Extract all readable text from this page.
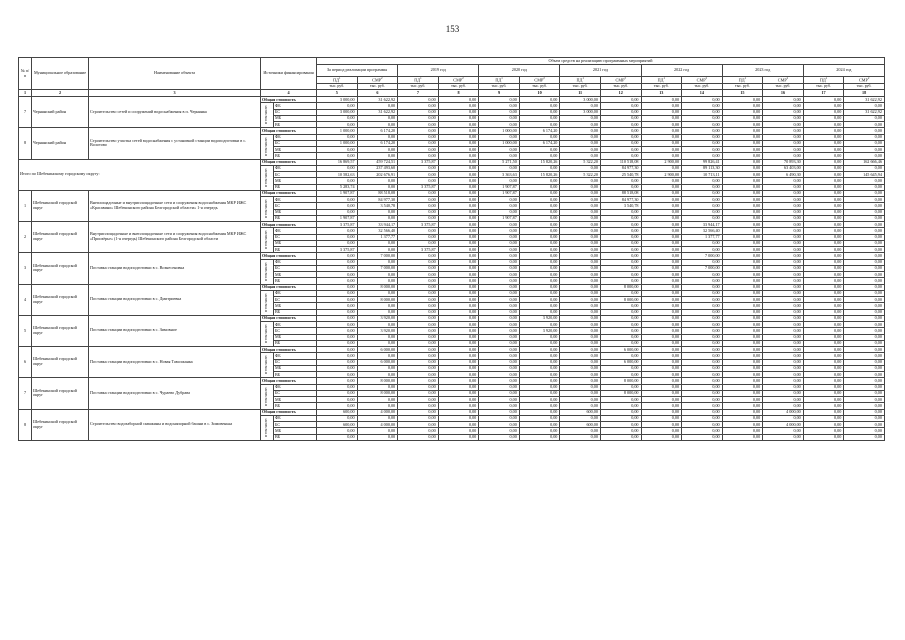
153
№ п/п	Муниципальное образование	Наименование объекта	Источники финансирования		Объем средств на реализацию программных мероприятий													
					За период реализации программы		2019 год		2020 год		2021 год		2022 год		2023 год		2024 год	
					$ПД^1$	СМР$^2$	$ПД^1$	СМР$^2$	$ПД^1$	СМР$^2$	$ПД^1$	СМР$^2$	$ПД^1$	СМР$^2$	$ПД^1$	СМР$^2$	$ПД^1$	СМР$^2$
					тыс. руб.	тыс. руб.	тыс. руб.	тыс. руб.	тыс. руб.	тыс. руб.	тыс. руб.	тыс. руб.	тыс. руб.	тыс. руб.	тыс. руб.	тыс. руб.	тыс. руб.	тыс. руб.
1	2	3	4		5	6	7	8	9	10	11	12	13	14	15	16	17	18
7	Чернянский район	Строительство сетей и сооружений водоснабжения в п. Чернянка	Общая стоимость		3 000,00	31 622,92	0,00	0,00	0,00	0,00	3 000,00	0,00	0,00	0,00	0,00	0,00	0,00	31 622,92
			в том числе:	ФБ	0,00	0,00	0,00	0,00	0,00	0,00	0,00	0,00	0,00	0,00	0,00	0,00	0,00	0,00
				БС	3 000,00	31 622,92	0,00	0,00	0,00	0,00	3 000,00	0,00	0,00	0,00	0,00	0,00	0,00	31 622,92
				МБ	0,00	0,00	0,00	0,00	0,00	0,00	0,00	0,00	0,00	0,00	0,00	0,00	0,00	0,00
				ВБ	0,00	0,00	0,00	0,00	0,00	0,00	0,00	0,00	0,00	0,00	0,00	0,00	0,00	0,00
8	Чернянский район	Строительство участка сетей водоснабжения с установкой станции водоподготовки в с. Волотово	Общая стоимость		1 000,00	6 174,20	0,00	0,00	1 000,00	6 174,20	0,00	0,00	0,00	0,00	0,00	0,00	0,00	0,00
			в том числе:	ФБ	0,00	0,00	0,00	0,00	0,00	0,00	0,00	0,00	0,00	0,00	0,00	0,00	0,00	0,00
				БС	1 000,00	6 174,20	0,00	0,00	1 000,00	6 174,20	0,00	0,00	0,00	0,00	0,00	0,00	0,00	0,00
				МБ	0,00	0,00	0,00	0,00	0,00	0,00	0,00	0,00	0,00	0,00	0,00	0,00	0,00	0,00
				ВБ	0,00	0,00	0,00	0,00	0,00	0,00	0,00	0,00	0,00	0,00	0,00	0,00	0,00	0,00
Итого по Шебекинскому городскому округу:			Общая стоимость		16 869,57	459 724,51	3 375,87	0,00	5 271,50	15 820,26	5 322,20	110 518,08	2 900,00	99 826,41	0,00	70 893,30	0,00	162 666,46
			в том числе:	ФБ	0,00	237 493,60	0,00	0,00	0,00	0,00	0,00	84 977,30	0,00	89 113,30	0,00	63 403,00	0,00	0,00
				БС	10 582,63	202 676,91	0,00	0,00	3 363,63	15 820,26	5 322,20	25 540,78	2 900,00	10 713,11	0,00	6 490,30	0,00	145 645,94
				МБ	0,00	0,00	0,00	0,00	0,00	0,00	0,00	0,00	0,00	0,00	0,00	0,00	0,00	0,00
				ВБ	5 283,74	0,00	3 375,87	0,00	1 907,87	0,00	0,00	0,00	0,00	0,00	0,00	0,00	0,00	0,00
1	Шебекинский городской округ	Внеплощадочные и внутриплощадочные сети и сооружения водоснабжения МКР ИЖС «Красавино» Шебекинского района Белгородской области» 1-я очередь	Общая стоимость		1 907,87	88 518,08	0,00	0,00	1 907,87	0,00	0,00	88 518,08	0,00	0,00	0,00	0,00	0,00	0,00
			в том числе:	ФБ	0,00	84 977,30	0,00	0,00	0,00	0,00	0,00	84 977,30	0,00	0,00	0,00	0,00	0,00	0,00
				БС	0,00	3 540,78	0,00	0,00	0,00	0,00	0,00	3 540,78	0,00	0,00	0,00	0,00	0,00	0,00
				МБ	0,00	0,00	0,00	0,00	0,00	0,00	0,00	0,00	0,00	0,00	0,00	0,00	0,00	0,00
				ВБ	1 907,87	0,00	0,00	0,00	1 907,87	0,00	0,00	0,00	0,00	0,00	0,00	0,00	0,00	0,00
2	Шебекинский городской округ	Внутриплощадочные и внеплощадочные сети и сооружения водоснабжения МКР ИЖС «Приозёрье» (1-я очередь) Шебекинского района Белгородской области	Общая стоимость		3 375,87	33 944,17	3 375,87	0,00	0,00	0,00	0,00	0,00	0,00	33 944,17	0,00	0,00	0,00	0,00
			в том числе:	ФБ	0,00	32 566,40	0,00	0,00	0,00	0,00	0,00	0,00	0,00	32 566,40	0,00	0,00	0,00	0,00
				БС	0,00	1 377,77	0,00	0,00	0,00	0,00	0,00	0,00	0,00	1 377,77	0,00	0,00	0,00	0,00
				МБ	0,00	0,00	0,00	0,00	0,00	0,00	0,00	0,00	0,00	0,00	0,00	0,00	0,00	0,00
				ВБ	3 375,87	0,00	3 375,87	0,00	0,00	0,00	0,00	0,00	0,00	0,00	0,00	0,00	0,00	0,00
3	Шебекинский городской округ	Поставка станции водоподготовки в с. Вознесеновка	Общая стоимость		0,00	7 000,00	0,00	0,00	0,00	0,00	0,00	0,00	0,00	7 000,00	0,00	0,00	0,00	0,00
			в том числе:	ФБ	0,00	0,00	0,00	0,00	0,00	0,00	0,00	0,00	0,00	0,00	0,00	0,00	0,00	0,00
				БС	0,00	7 000,00	0,00	0,00	0,00	0,00	0,00	0,00	0,00	7 000,00	0,00	0,00	0,00	0,00
				МБ	0,00	0,00	0,00	0,00	0,00	0,00	0,00	0,00	0,00	0,00	0,00	0,00	0,00	0,00
				ВБ	0,00	0,00	0,00	0,00	0,00	0,00	0,00	0,00	0,00	0,00	0,00	0,00	0,00	0,00
4	Шебекинский городской округ	Поставка станции водоподготовки в с. Дмитриевка	Общая стоимость		0,00	8 000,00	0,00	0,00	0,00	0,00	0,00	8 000,00	0,00	0,00	0,00	0,00	0,00	0,00
			в том числе:	ФБ	0,00	0,00	0,00	0,00	0,00	0,00	0,00	0,00	0,00	0,00	0,00	0,00	0,00	0,00
				БС	0,00	8 000,00	0,00	0,00	0,00	0,00	0,00	8 000,00	0,00	0,00	0,00	0,00	0,00	0,00
				МБ	0,00	0,00	0,00	0,00	0,00	0,00	0,00	0,00	0,00	0,00	0,00	0,00	0,00	0,00
				ВБ	0,00	0,00	0,00	0,00	0,00	0,00	0,00	0,00	0,00	0,00	0,00	0,00	0,00	0,00
5	Шебекинский городской округ	Поставка станции водоподготовки в с. Зимовное	Общая стоимость		0,00	3 920,00	0,00	0,00	0,00	3 920,00	0,00	0,00	0,00	0,00	0,00	0,00	0,00	0,00
			в том числе:	ФБ	0,00	0,00	0,00	0,00	0,00	0,00	0,00	0,00	0,00	0,00	0,00	0,00	0,00	0,00
				БС	0,00	3 920,00	0,00	0,00	0,00	3 920,00	0,00	0,00	0,00	0,00	0,00	0,00	0,00	0,00
				МБ	0,00	0,00	0,00	0,00	0,00	0,00	0,00	0,00	0,00	0,00	0,00	0,00	0,00	0,00
				ВБ	0,00	0,00	0,00	0,00	0,00	0,00	0,00	0,00	0,00	0,00	0,00	0,00	0,00	0,00
6	Шебекинский городской округ	Поставка станции водоподготовки в с. Новая Таволжанка	Общая стоимость		0,00	6 000,00	0,00	0,00	0,00	0,00	0,00	6 000,00	0,00	0,00	0,00	0,00	0,00	0,00
			в том числе:	ФБ	0,00	0,00	0,00	0,00	0,00	0,00	0,00	0,00	0,00	0,00	0,00	0,00	0,00	0,00
				БС	0,00	6 000,00	0,00	0,00	0,00	0,00	0,00	6 000,00	0,00	0,00	0,00	0,00	0,00	0,00
				МБ	0,00	0,00	0,00	0,00	0,00	0,00	0,00	0,00	0,00	0,00	0,00	0,00	0,00	0,00
				ВБ	0,00	0,00	0,00	0,00	0,00	0,00	0,00	0,00	0,00	0,00	0,00	0,00	0,00	0,00
7	Шебекинский городской округ	Поставка станции водоподготовки в с. Чураево Дубрава	Общая стоимость		0,00	8 000,00	0,00	0,00	0,00	0,00	0,00	8 000,00	0,00	0,00	0,00	0,00	0,00	0,00
			в том числе:	ФБ	0,00	0,00	0,00	0,00	0,00	0,00	0,00	0,00	0,00	0,00	0,00	0,00	0,00	0,00
				БС	0,00	8 000,00	0,00	0,00	0,00	0,00	0,00	8 000,00	0,00	0,00	0,00	0,00	0,00	0,00
				МБ	0,00	0,00	0,00	0,00	0,00	0,00	0,00	0,00	0,00	0,00	0,00	0,00	0,00	0,00
				ВБ	0,00	0,00	0,00	0,00	0,00	0,00	0,00	0,00	0,00	0,00	0,00	0,00	0,00	0,00
8	Шебекинский городской округ	Строительство водозаборной скважины и водонапорной башни в с. Зимовенька	Общая стоимость		600,00	4 000,00	0,00	0,00	0,00	0,00	600,00	0,00	0,00	0,00	0,00	4 000,00	0,00	0,00
			в том числе:	ФБ	0,00	0,00	0,00	0,00	0,00	0,00	0,00	0,00	0,00	0,00	0,00	0,00	0,00	0,00
				БС	600,00	4 000,00	0,00	0,00	0,00	0,00	600,00	0,00	0,00	0,00	0,00	4 000,00	0,00	0,00
				МБ	0,00	0,00	0,00	0,00	0,00	0,00	0,00	0,00	0,00	0,00	0,00	0,00	0,00	0,00
				ВБ	0,00	0,00	0,00	0,00	0,00	0,00	0,00	0,00	0,00	0,00	0,00	0,00	0,00	0,00
